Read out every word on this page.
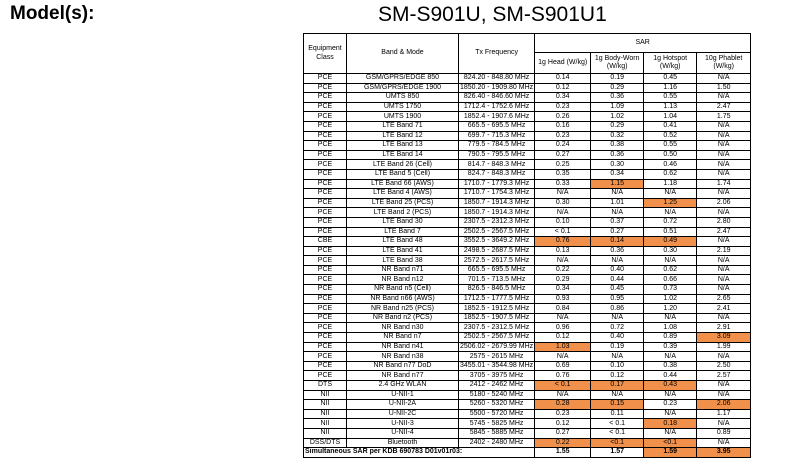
Model(s):	SM-S901U, SM-S901U1
Equipment Class	Band & Mode	Tx Frequency	SAR			
			1g Head (W/kg)	1g Body-Worn (W/kg)	1g Hotspot (W/kg)	10g Phablet (W/kg)
PCE	GSM/GPRS/EDGE 850	824.20 - 848.80 MHz	0.14	0.19	0.45	N/A
PCE	GSM/GPRS/EDGE 1900	1850.20 - 1909.80 MHz	0.12	0.29	1.16	1.50
PCE	UMTS 850	826.40 - 846.60 MHz	0.34	0.36	0.55	N/A
PCE	UMTS 1750	1712.4 - 1752.6 MHz	0.23	1.09	1.13	2.47
PCE	UMTS 1900	1852.4 - 1907.6 MHz	0.26	1.02	1.04	1.75
PCE	LTE Band 71	665.5 - 695.5 MHz	0.16	0.29	0.41	N/A
PCE	LTE Band 12	699.7 - 715.3 MHz	0.23	0.32	0.52	N/A
PCE	LTE Band 13	779.5 - 784.5 MHz	0.24	0.38	0.55	N/A
PCE	LTE Band 14	790.5 - 795.5 MHz	0.27	0.36	0.50	N/A
PCE	LTE Band 26 (Cell)	814.7 - 848.3 MHz	0.25	0.30	0.46	N/A
PCE	LTE Band 5 (Cell)	824.7 - 848.3 MHz	0.35	0.34	0.62	N/A
PCE	LTE Band 66 (AWS)	1710.7 - 1779.3 MHz	0.33	1.15	1.18	1.74
PCE	LTE Band 4 (AWS)	1710.7 - 1754.3 MHz	N/A	N/A	N/A	N/A
PCE	LTE Band 25 (PCS)	1850.7 - 1914.3 MHz	0.30	1.01	1.25	2.06
PCE	LTE Band 2 (PCS)	1850.7 - 1914.3 MHz	N/A	N/A	N/A	N/A
PCE	LTE Band 30	2307.5 - 2312.3 MHz	0.10	0.37	0.72	2.80
PCE	LTE Band 7	2502.5 - 2567.5 MHz	< 0.1	0.27	0.51	2.47
CBE	LTE Band 48	3552.5 - 3649.2 MHz	0.76	0.14	0.49	N/A
PCE	LTE Band 41	2498.5 - 2687.5 MHz	0.13	0.36	0.30	2.19
PCE	LTE Band 38	2572.5 - 2617.5 MHz	N/A	N/A	N/A	N/A
PCE	NR Band n71	665.5 - 695.5 MHz	0.22	0.40	0.62	N/A
PCE	NR Band n12	701.5 - 713.5 MHz	0.29	0.44	0.66	N/A
PCE	NR Band n5 (Cell)	826.5 - 846.5 MHz	0.34	0.45	0.73	N/A
PCE	NR Band n66 (AWS)	1712.5 - 1777.5 MHz	0.93	0.95	1.02	2.65
PCE	NR Band n25 (PCS)	1852.5 - 1912.5 MHz	0.84	0.86	1.20	2.41
PCE	NR Band n2 (PCS)	1852.5 - 1907.5 MHz	N/A	N/A	N/A	N/A
PCE	NR Band n30	2307.5 - 2312.5 MHz	0.96	0.72	1.08	2.91
PCE	NR Band n7	2502.5 - 2567.5 MHz	0.12	0.40	0.89	3.09
PCE	NR Band n41	2506.02 - 2679.99 MHz	1.03	0.19	0.39	1.99
PCE	NR Band n38	2575 - 2615 MHz	N/A	N/A	N/A	N/A
PCE	NR Band n77 DoD	3455.01 - 3544.98 MHz	0.69	0.10	0.38	2.50
PCE	NR Band n77	3705 - 3975 MHz	0.76	0.12	0.44	2.57
DTS	2.4 GHz WLAN	2412 - 2462 MHz	< 0.1	0.17	0.43	N/A
NII	U-NII-1	5180 - 5240 MHz	N/A	N/A	N/A	N/A
NII	U-NII-2A	5260 - 5320 MHz	0.28	0.15	0.23	2.06
NII	U-NII-2C	5500 - 5720 MHz	0.23	0.11	N/A	1.17
NII	U-NII-3	5745 - 5825 MHz	0.12	< 0.1	0.18	N/A
NII	U-NII-4	5845 - 5885 MHz	0.27	< 0.1	N/A	0.89
DSS/DTS	Bluetooth	2402 - 2480 MHz	0.22	<0.1	<0.1	N/A
Simultaneous SAR per KDB 690783 D01v01r03:			1.55	1.57	1.59	3.95
